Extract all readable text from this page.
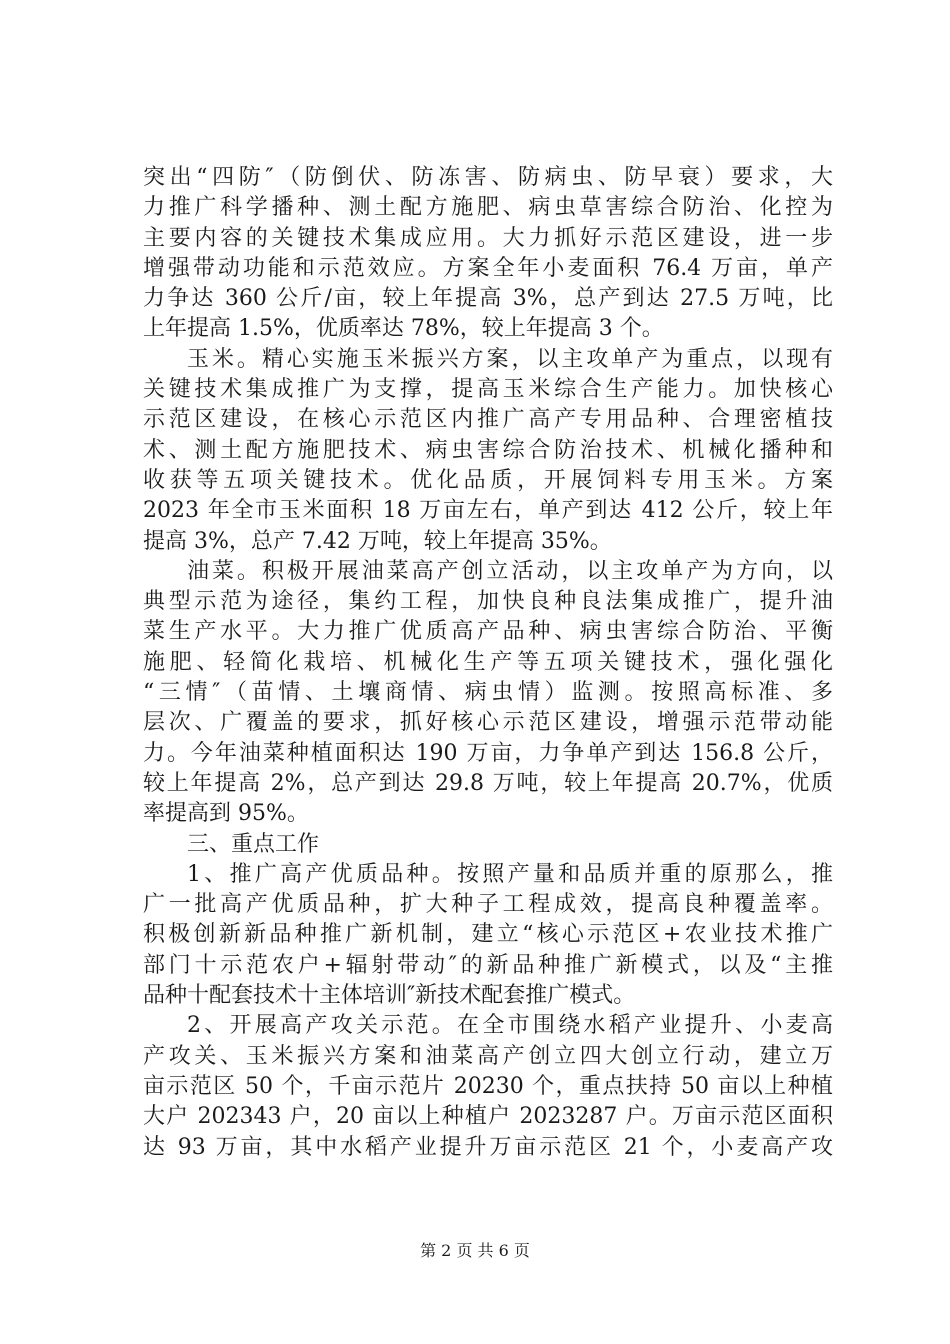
突出“四防″（防倒伏、防冻害、防病虫、防早衰）要求，大
力推广科学播种、测土配方施肥、病虫草害综合防治、化控为
主要内容的关键技术集成应用。大力抓好示范区建设，进一步
增强带动功能和示范效应。方案全年小麦面积 76.4 万亩，单产
力争达 360 公斤/亩，较上年提高 3%，总产到达 27.5 万吨，比
上年提高 1.5%，优质率达 78%，较上年提高 3 个。
玉米。精心实施玉米振兴方案，以主攻单产为重点，以现有
关键技术集成推广为支撑，提高玉米综合生产能力。加快核心
示范区建设，在核心示范区内推广高产专用品种、合理密植技
术、测土配方施肥技术、病虫害综合防治技术、机械化播种和
收获等五项关键技术。优化品质，开展饲料专用玉米。方案
2023 年全市玉米面积 18 万亩左右，单产到达 412 公斤，较上年
提高 3%，总产 7.42 万吨，较上年提高 35%。
油菜。积极开展油菜高产创立活动，以主攻单产为方向，以
典型示范为途径，集约工程，加快良种良法集成推广，提升油
菜生产水平。大力推广优质高产品种、病虫害综合防治、平衡
施肥、轻简化栽培、机械化生产等五项关键技术，强化强化
“三情″（苗情、土壤商情、病虫情）监测。按照高标准、多
层次、广覆盖的要求，抓好核心示范区建设，增强示范带动能
力。今年油菜种植面积达 190 万亩，力争单产到达 156.8 公斤，
较上年提高 2%，总产到达 29.8 万吨，较上年提高 20.7%，优质
率提高到 95%。
三、重点工作
1、推广高产优质品种。按照产量和品质并重的原那么，推
广一批高产优质品种，扩大种子工程成效，提高良种覆盖率。
积极创新新品种推广新机制，建立“核心示范区+农业技术推广
部门十示范农户+辐射带动″的新品种推广新模式，以及“主推
品种十配套技术十主体培训″新技术配套推广模式。
2、开展高产攻关示范。在全市围绕水稻产业提升、小麦高
产攻关、玉米振兴方案和油菜高产创立四大创立行动，建立万
亩示范区 50 个，千亩示范片 20230 个，重点扶持 50 亩以上种植
大户 202343 户，20 亩以上种植户 2023287 户。万亩示范区面积
达 93 万亩，其中水稻产业提升万亩示范区 21 个，小麦高产攻
第 2 页 共 6 页
